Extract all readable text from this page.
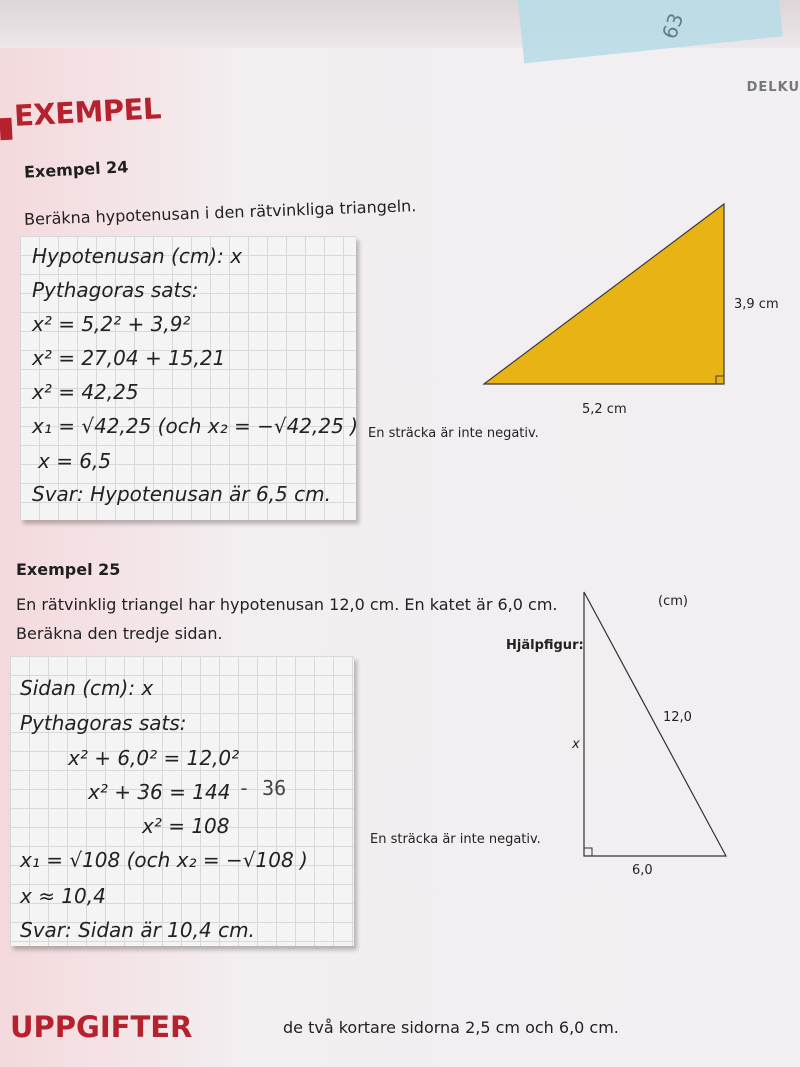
63
DELKU
EXEMPEL
Exempel 24
Beräkna hypotenusan i den rätvinkliga triangeln.
Hypotenusan (cm): x
Pythagoras sats:
x² = 5,2² + 3,9²
x² = 27,04 + 15,21
x² = 42,25
x₁ = √42,25 (och x₂ = −√42,25 )
x = 6,5
Svar: Hypotenusan är 6,5 cm.
En sträcka är inte negativ.
3,9 cm
5,2 cm
Exempel 25
En rätvinklig triangel har hypotenusan 12,0 cm. En katet är 6,0 cm.
Beräkna den tredje sidan.
Sidan (cm): x
Pythagoras sats:
x² + 6,0² = 12,0²
x² + 36 = 144 - 36
x² = 108
x₁ = √108 (och x₂ = −√108 )
x ≈ 10,4
Svar: Sidan är 10,4 cm.
En sträcka är inte negativ.
Hjälpfigur:
(cm)
12,0
x
6,0
UPPGIFTER	de två kortare sidorna 2,5 cm och 6,0 cm.
